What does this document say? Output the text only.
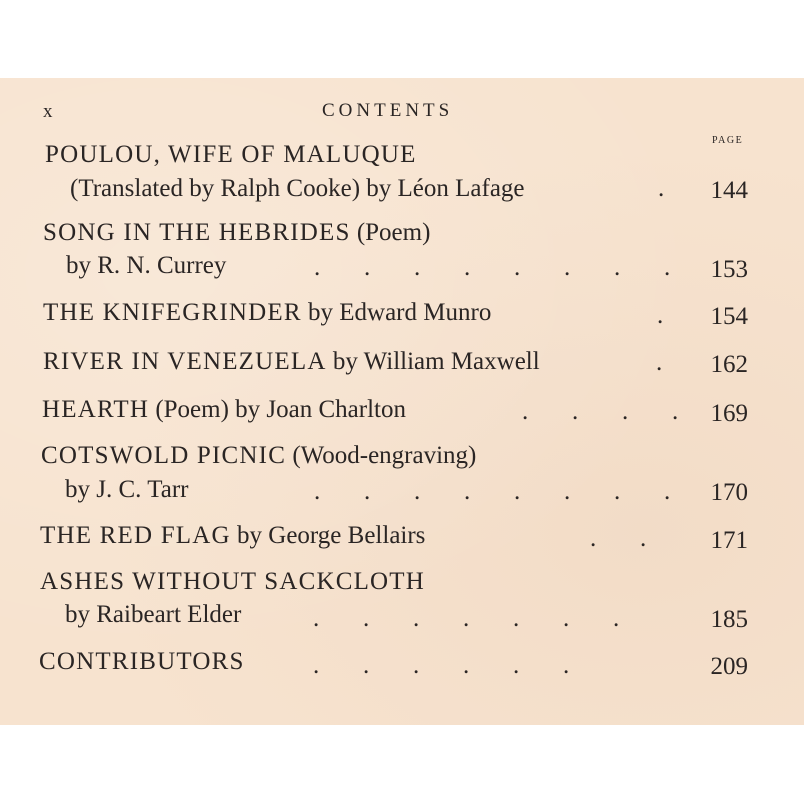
x	CONTENTS
PAGE
POULOU, WIFE OF MALUQUE
(Translated by Ralph Cooke) by Léon Lafage	. 144
SONG IN THE HEBRIDES (Poem)
by R. N. Currey	.       .       .       .       .       .       .       . 153
THE KNIFEGRINDER by Edward Munro	. 154
RIVER IN VENEZUELA by William Maxwell	. 162
HEARTH (Poem) by Joan Charlton	.       .       .       . 169
COTSWOLD PICNIC (Wood-engraving)
by J. C. Tarr	.       .       .       .       .       .       .       . 170
THE RED FLAG by George Bellairs	.       .	171
ASHES WITHOUT SACKCLOTH
by Raibeart Elder	.       .       .       .       .       .       .	185
CONTRIBUTORS	.       .       .       .       .       .	209
